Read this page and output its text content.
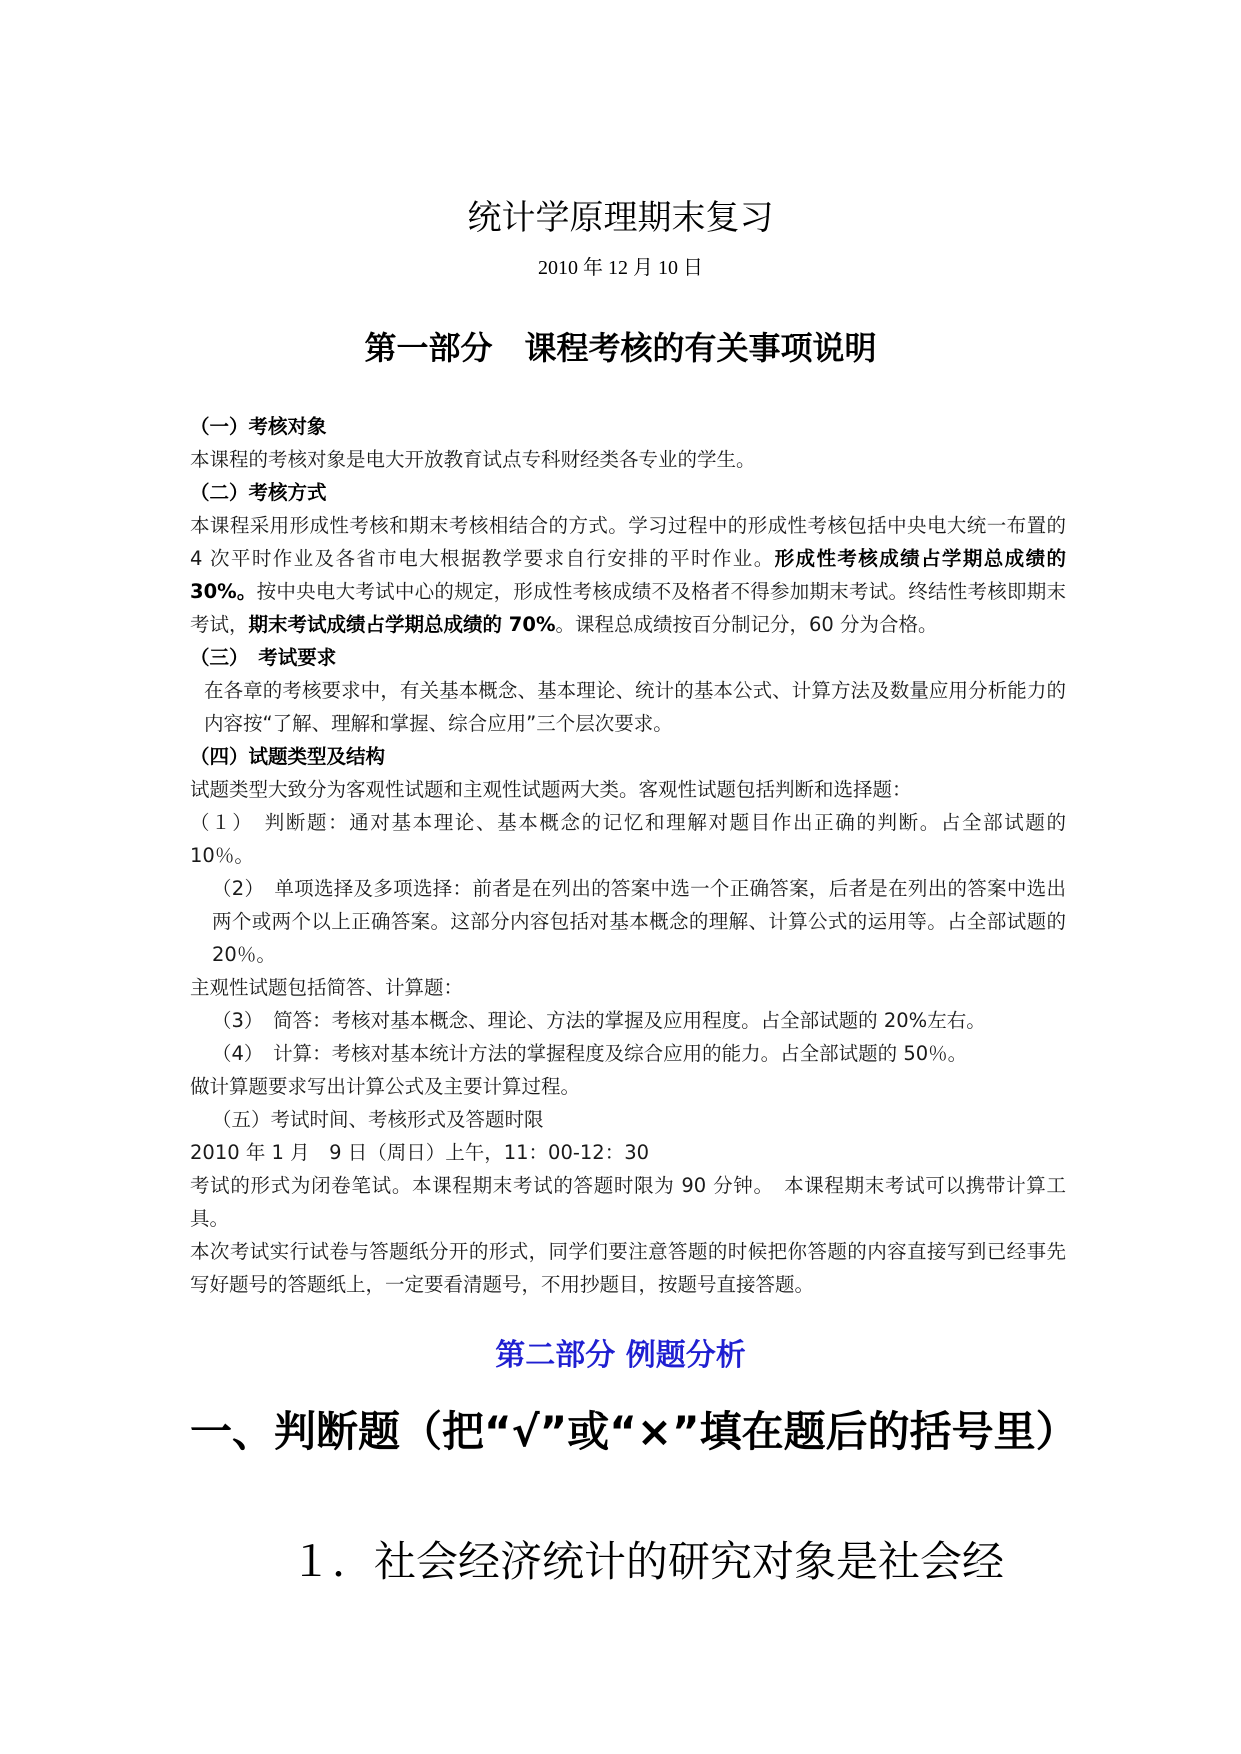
统计学原理期末复习
2010 年 12 月 10 日
第一部分　课程考核的有关事项说明

（一）考核对象

本课程的考核对象是电大开放教育试点专科财经类各专业的学生。

（二）考核方式

本课程采用形成性考核和期末考核相结合的方式。学习过程中的形成性考核包括中央电大统一布置的 4 次平时作业及各省市电大根据教学要求自行安排的平时作业。形成性考核成绩占学期总成绩的 30%。按中央电大考试中心的规定，形成性考核成绩不及格者不得参加期末考试。终结性考核即期末考试，期末考试成绩占学期总成绩的 70%。课程总成绩按百分制记分，60 分为合格。

（三）　考试要求

在各章的考核要求中，有关基本概念、基本理论、统计的基本公式、计算方法及数量应用分析能力的内容按“了解、理解和掌握、综合应用”三个层次要求。

（四）试题类型及结构

试题类型大致分为客观性试题和主观性试题两大类。客观性试题包括判断和选择题：

（１）　判断题：通对基本理论、基本概念的记忆和理解对题目作出正确的判断。占全部试题的 10％。

（2）　单项选择及多项选择：前者是在列出的答案中选一个正确答案，后者是在列出的答案中选出两个或两个以上正确答案。这部分内容包括对基本概念的理解、计算公式的运用等。占全部试题的 20％。

主观性试题包括简答、计算题：

（3）　简答：考核对基本概念、理论、方法的掌握及应用程度。占全部试题的 20%左右。

（4）　计算：考核对基本统计方法的掌握程度及综合应用的能力。占全部试题的 50％。

做计算题要求写出计算公式及主要计算过程。

（五）考试时间、考核形式及答题时限

2010 年 1 月　9 日（周日）上午，11：00-12：30

考试的形式为闭卷笔试。本课程期末考试的答题时限为 90 分钟。　本课程期末考试可以携带计算工具。

本次考试实行试卷与答题纸分开的形式，同学们要注意答题的时候把你答题的内容直接写到已经事先写好题号的答题纸上，一定要看清题号，不用抄题目，按题号直接答题。

第二部分 例题分析
一、判断题（把“√”或“×”填在题后的括号里）
１．社会经济统计的研究对象是社会经
